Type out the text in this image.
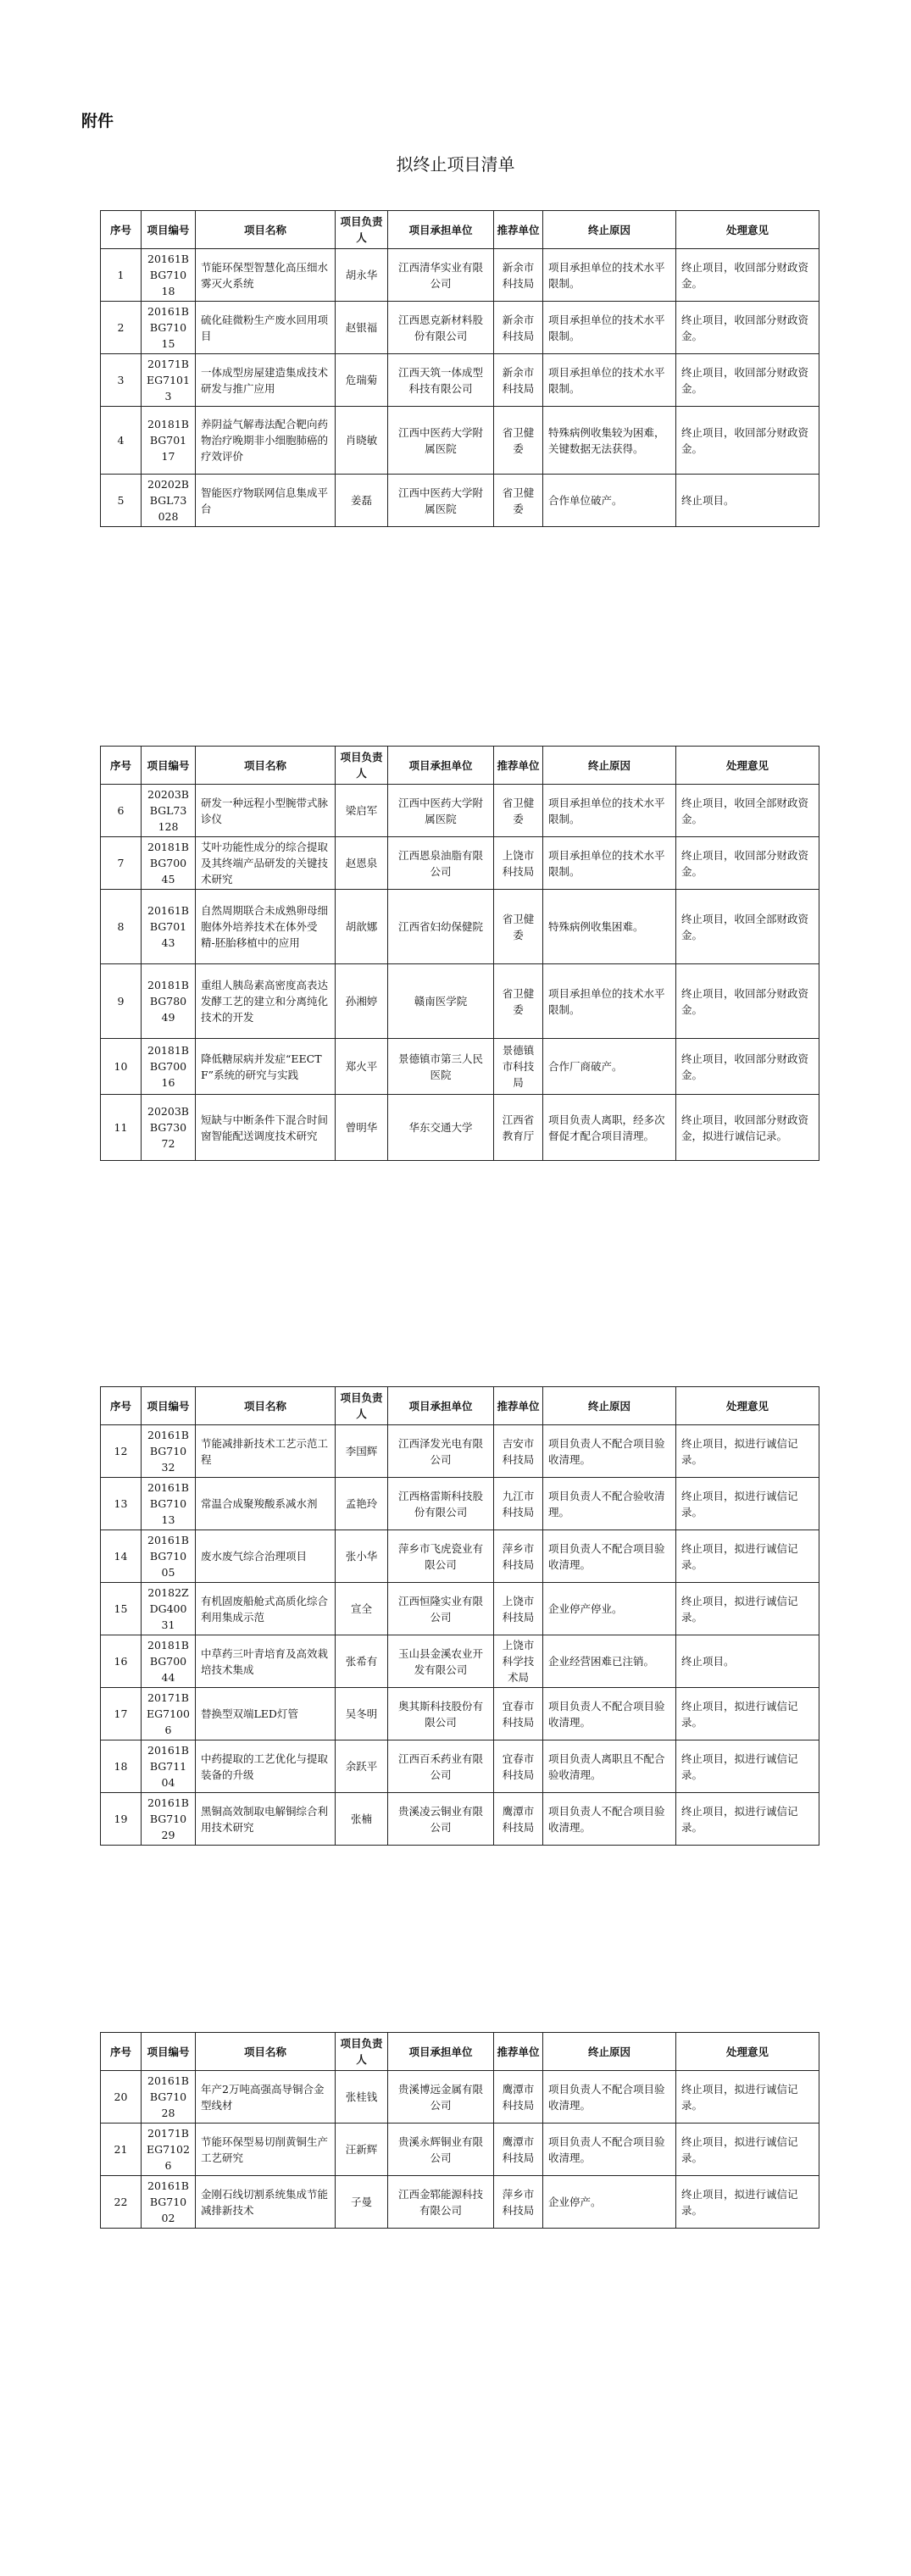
附件
拟终止项目清单
序号	项目编号	项目名称	项目负责人	项目承担单位	推荐单位	终止原因	处理意见
1	20161BBG71018	节能环保型智慧化高压细水雾灭火系统	胡永华	江西清华实业有限公司	新余市科技局	项目承担单位的技术水平限制。	终止项目，收回部分财政资金。
2	20161BBG71015	硫化硅微粉生产废水回用项目	赵银福	江西恩克新材料股份有限公司	新余市科技局	项目承担单位的技术水平限制。	终止项目，收回部分财政资金。
3	20171BEG71013	一体成型房屋建造集成技术研发与推广应用	危瑞菊	江西天筑一体成型科技有限公司	新余市科技局	项目承担单位的技术水平限制。	终止项目，收回部分财政资金。
4	20181BBG70117	养阴益气解毒法配合靶向药物治疗晚期非小细胞肺癌的疗效评价	肖晓敏	江西中医药大学附属医院	省卫健委	特殊病例收集较为困难，关键数据无法获得。	终止项目，收回部分财政资金。
5	20202BBGL73028	智能医疗物联网信息集成平台	姜磊	江西中医药大学附属医院	省卫健委	合作单位破产。	终止项目。
序号	项目编号	项目名称	项目负责人	项目承担单位	推荐单位	终止原因	处理意见
6	20203BBGL73128	研发一种远程小型腕带式脉诊仪	梁启军	江西中医药大学附属医院	省卫健委	项目承担单位的技术水平限制。	终止项目，收回全部财政资金。
7	20181BBG70045	艾叶功能性成分的综合提取及其终端产品研发的关键技术研究	赵恩泉	江西恩泉油脂有限公司	上饶市科技局	项目承担单位的技术水平限制。	终止项目，收回部分财政资金。
8	20161BBG70143	自然周期联合未成熟卵母细胞体外培养技术在体外受精-胚胎移植中的应用	胡歆娜	江西省妇幼保健院	省卫健委	特殊病例收集困难。	终止项目，收回全部财政资金。
9	20181BBG78049	重组人胰岛素高密度高表达发酵工艺的建立和分离纯化技术的开发	孙湘婷	赣南医学院	省卫健委	项目承担单位的技术水平限制。	终止项目，收回部分财政资金。
10	20181BBG70016	降低糖尿病并发症“EECTF”系统的研究与实践	郑火平	景德镇市第三人民医院	景德镇市科技局	合作厂商破产。	终止项目，收回部分财政资金。
11	20203BBG73072	短缺与中断条件下混合时间窗智能配送调度技术研究	曾明华	华东交通大学	江西省教育厅	项目负责人离职，经多次督促才配合项目清理。	终止项目，收回部分财政资金，拟进行诚信记录。
序号	项目编号	项目名称	项目负责人	项目承担单位	推荐单位	终止原因	处理意见
12	20161BBG71032	节能减排新技术工艺示范工程	李国辉	江西泽发光电有限公司	吉安市科技局	项目负责人不配合项目验收清理。	终止项目，拟进行诚信记录。
13	20161BBG71013	常温合成聚羧酸系减水剂	孟艳玲	江西格雷斯科技股份有限公司	九江市科技局	项目负责人不配合验收清理。	终止项目，拟进行诚信记录。
14	20161BBG71005	废水废气综合治理项目	张小华	萍乡市飞虎瓷业有限公司	萍乡市科技局	项目负责人不配合项目验收清理。	终止项目，拟进行诚信记录。
15	20182ZDG40031	有机固废船舱式高质化综合利用集成示范	宣全	江西恒隆实业有限公司	上饶市科技局	企业停产停业。	终止项目，拟进行诚信记录。
16	20181BBG70044	中草药三叶青培育及高效栽培技术集成	张希有	玉山县金溪农业开发有限公司	上饶市科学技术局	企业经营困难已注销。	终止项目。
17	20171BEG71006	替换型双端LED灯管	吴冬明	奥其斯科技股份有限公司	宜春市科技局	项目负责人不配合项目验收清理。	终止项目，拟进行诚信记录。
18	20161BBG71104	中药提取的工艺优化与提取装备的升级	余跃平	江西百禾药业有限公司	宜春市科技局	项目负责人离职且不配合验收清理。	终止项目，拟进行诚信记录。
19	20161BBG71029	黑铜高效制取电解铜综合利用技术研究	张楠	贵溪凌云铜业有限公司	鹰潭市科技局	项目负责人不配合项目验收清理。	终止项目，拟进行诚信记录。
序号	项目编号	项目名称	项目负责人	项目承担单位	推荐单位	终止原因	处理意见
20	20161BBG71028	年产2万吨高强高导铜合金型线材	张桂钱	贵溪博远金属有限公司	鹰潭市科技局	项目负责人不配合项目验收清理。	终止项目，拟进行诚信记录。
21	20171BEG71026	节能环保型易切削黄铜生产工艺研究	汪新辉	贵溪永辉铜业有限公司	鹰潭市科技局	项目负责人不配合项目验收清理。	终止项目，拟进行诚信记录。
22	20161BBG71002	金刚石线切割系统集成节能减排新技术	子曼	江西金郓能源科技有限公司	萍乡市科技局	企业停产。	终止项目，拟进行诚信记录。
